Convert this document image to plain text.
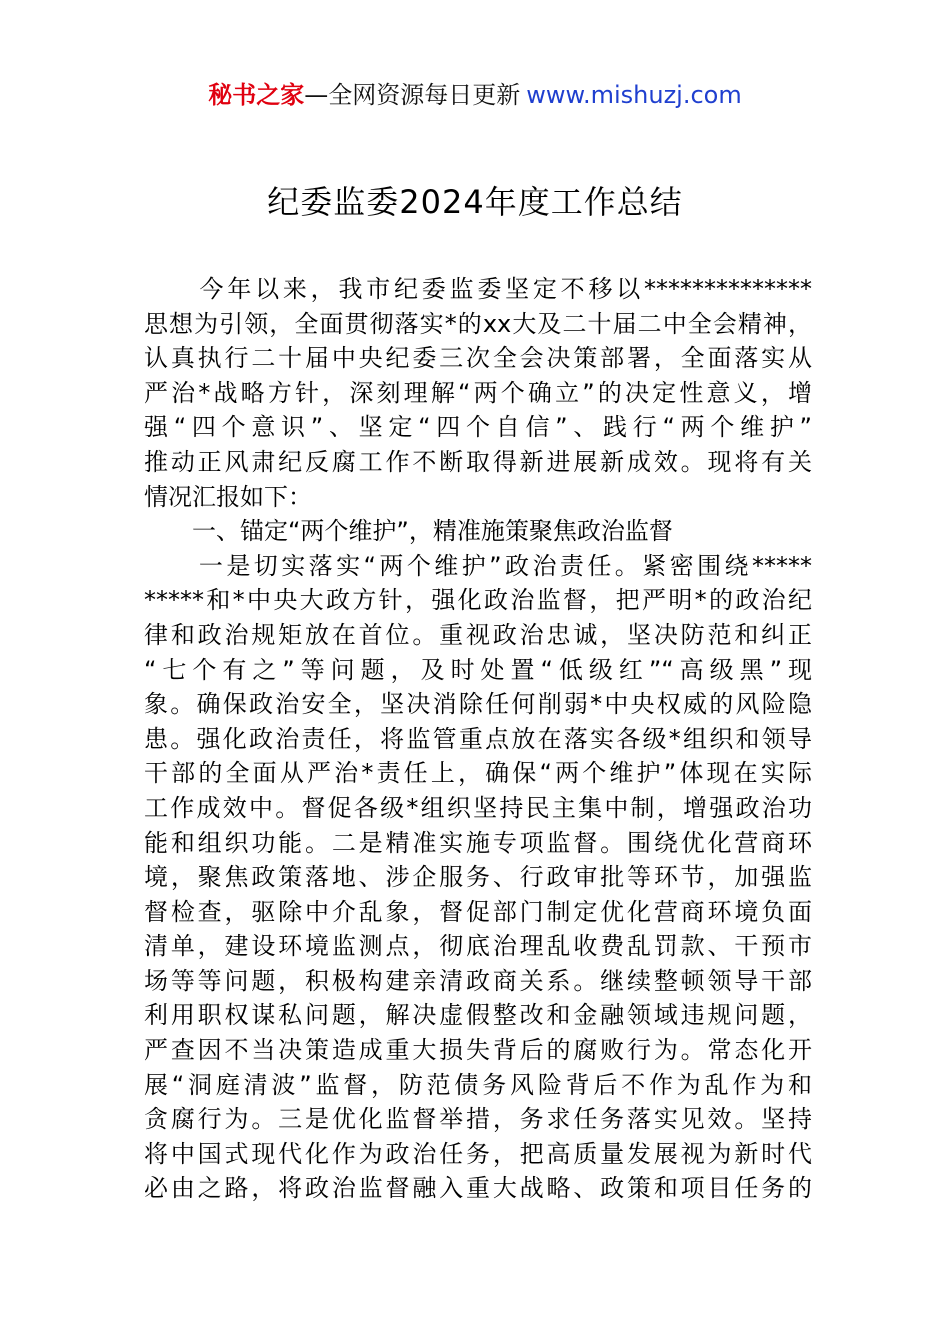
秘书之家—全网资源每日更新 www.mishuzj.com
纪委监委2024年度工作总结
　　今年以来，我市纪委监委坚定不移以**************
思想为引领，全面贯彻落实*的xx大及二十届二中全会精神，
认真执行二十届中央纪委三次全会决策部署，全面落实从
严治*战略方针，深刻理解“两个确立”的决定性意义，增
强“四个意识”、坚定“四个自信”、践行“两个维护”
推动正风肃纪反腐工作不断取得新进展新成效。现将有关
情况汇报如下：
　　一、锚定“两个维护”，精准施策聚焦政治监督
　　一是切实落实“两个维护”政治责任。紧密围绕*****
*****和*中央大政方针，强化政治监督，把严明*的政治纪
律和政治规矩放在首位。重视政治忠诚，坚决防范和纠正
“七个有之”等问题，及时处置“低级红”“高级黑”现
象。确保政治安全，坚决消除任何削弱*中央权威的风险隐
患。强化政治责任，将监管重点放在落实各级*组织和领导
干部的全面从严治*责任上，确保“两个维护”体现在实际
工作成效中。督促各级*组织坚持民主集中制，增强政治功
能和组织功能。二是精准实施专项监督。围绕优化营商环
境，聚焦政策落地、涉企服务、行政审批等环节，加强监
督检查，驱除中介乱象，督促部门制定优化营商环境负面
清单，建设环境监测点，彻底治理乱收费乱罚款、干预市
场等等问题，积极构建亲清政商关系。继续整顿领导干部
利用职权谋私问题，解决虚假整改和金融领域违规问题，
严查因不当决策造成重大损失背后的腐败行为。常态化开
展“洞庭清波”监督，防范债务风险背后不作为乱作为和
贪腐行为。三是优化监督举措，务求任务落实见效。坚持
将中国式现代化作为政治任务，把高质量发展视为新时代
必由之路，将政治监督融入重大战略、政策和项目任务的
